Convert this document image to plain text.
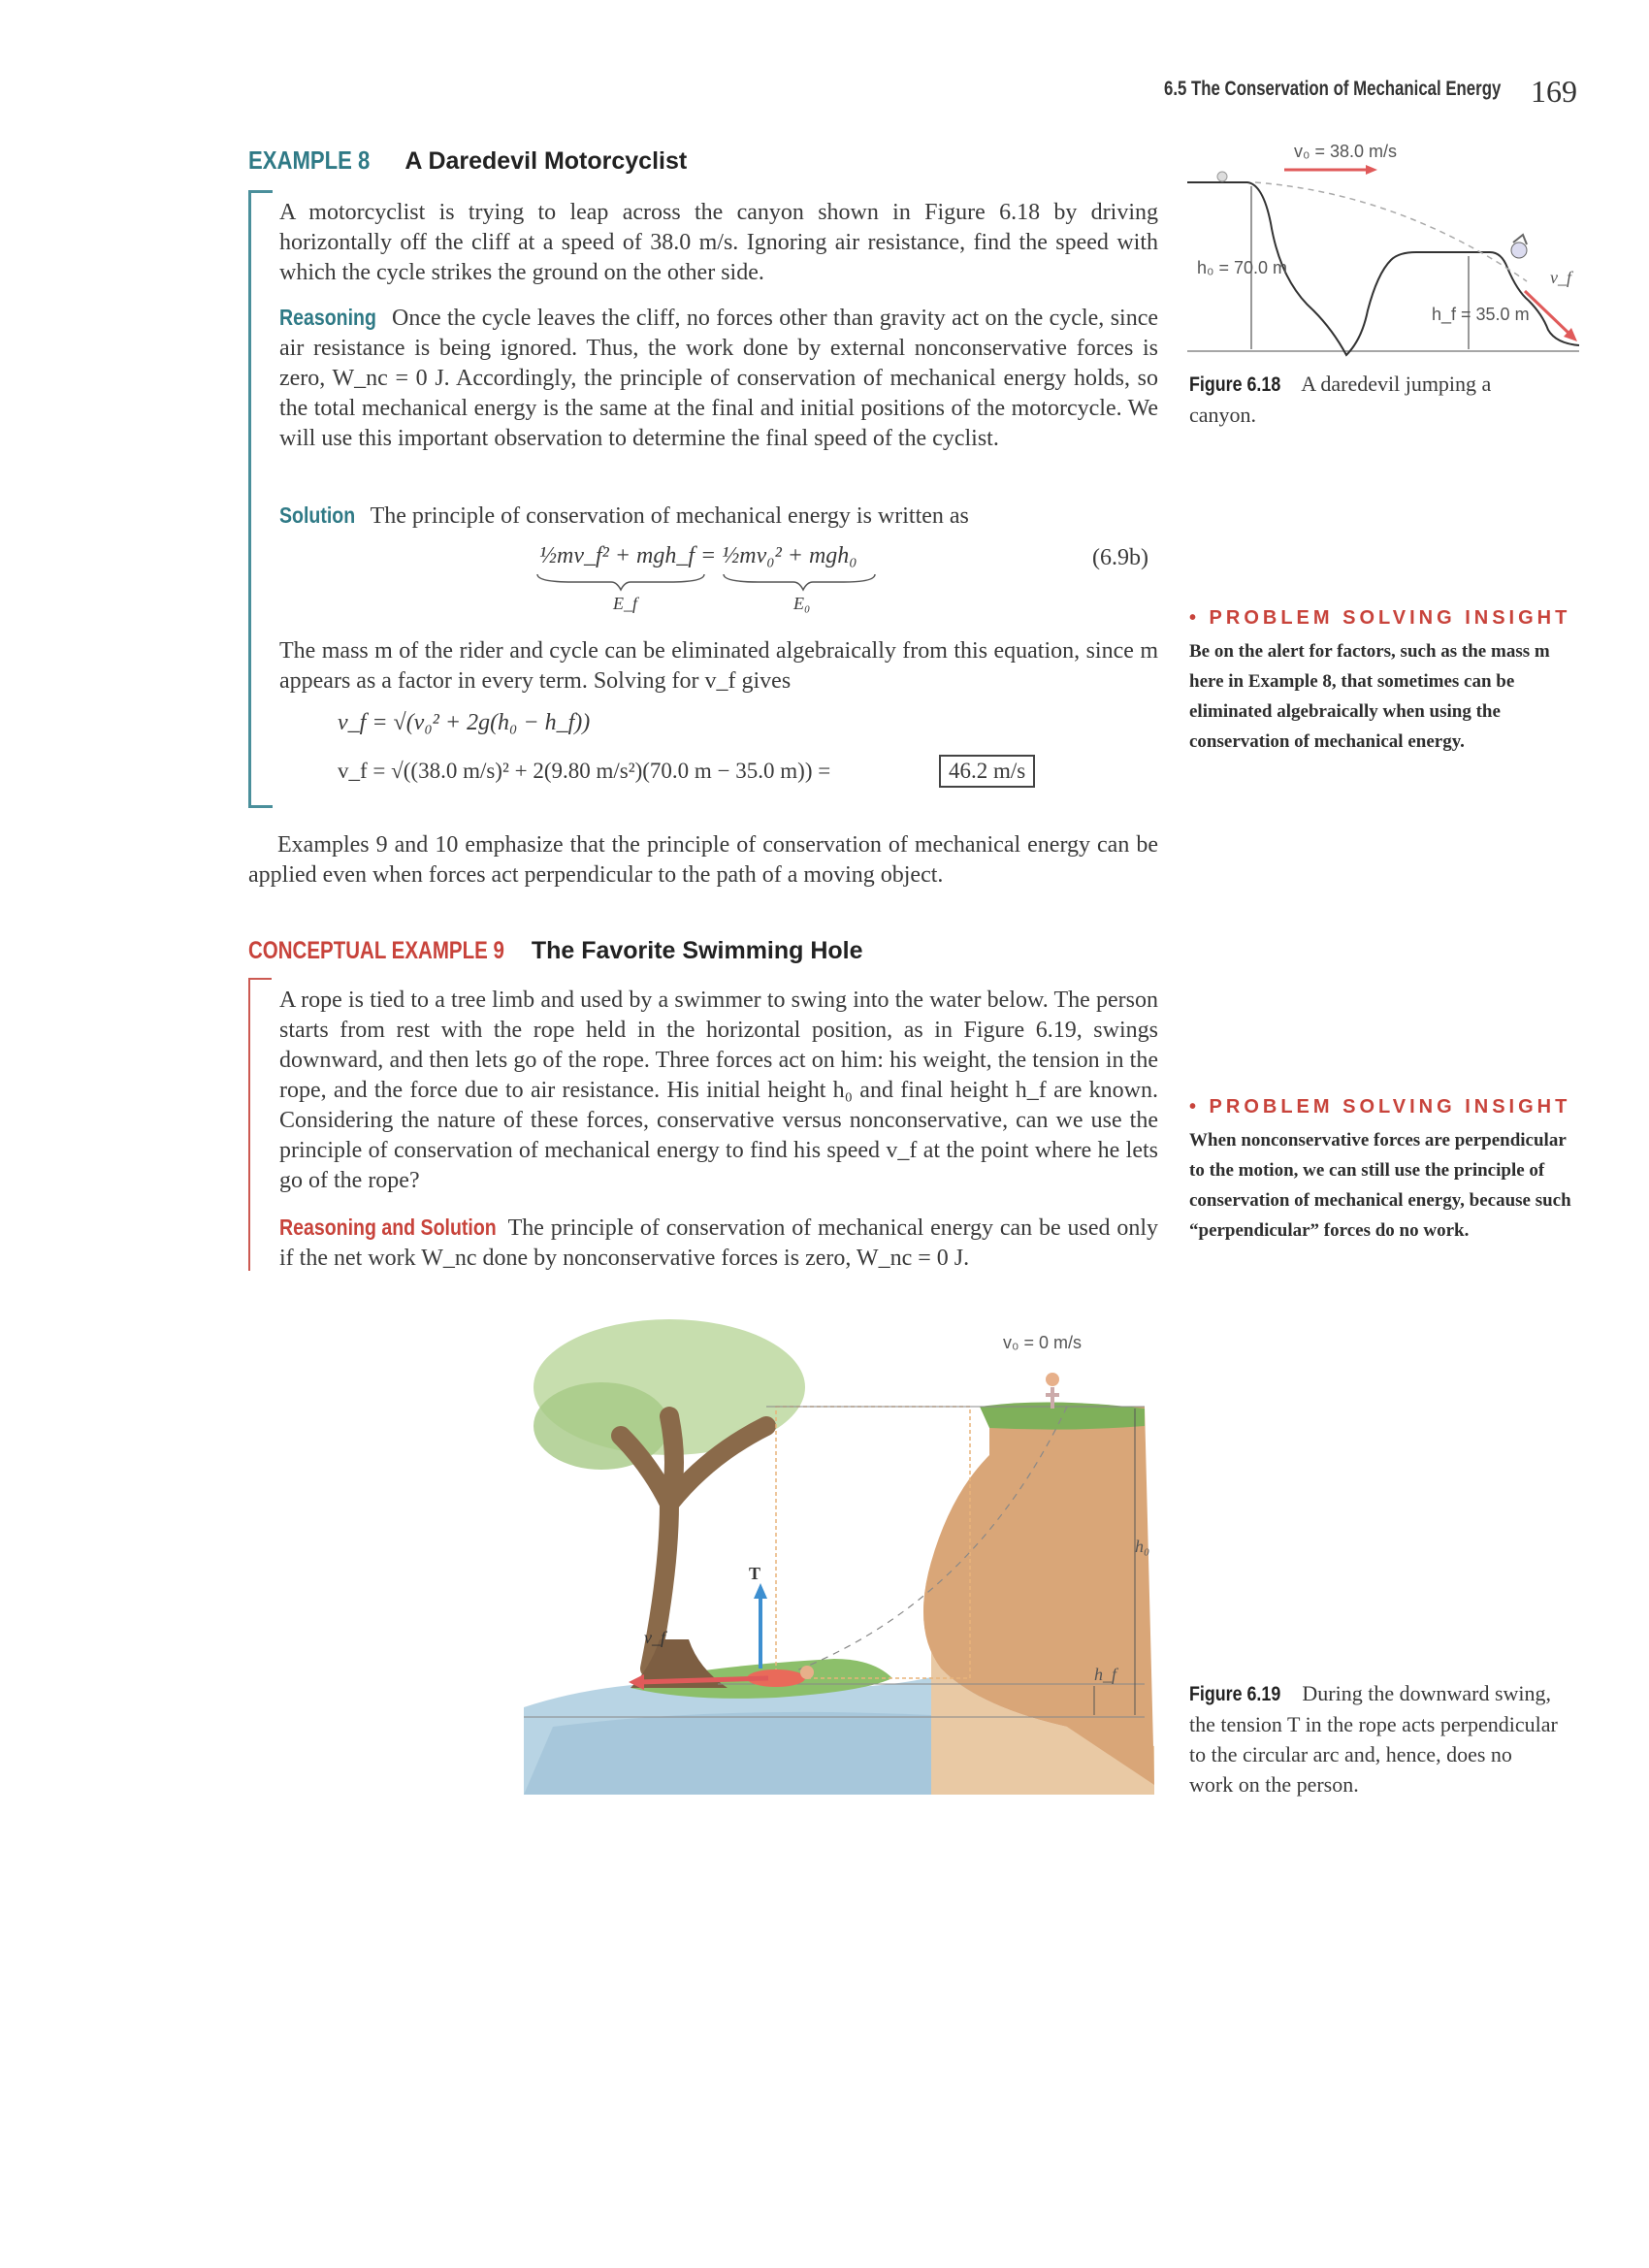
6.5 The Conservation of Mechanical Energy 169
EXAMPLE 8 A Daredevil Motorcyclist
A motorcyclist is trying to leap across the canyon shown in Figure 6.18 by driving horizontally off the cliff at a speed of 38.0 m/s. Ignoring air resistance, find the speed with which the cycle strikes the ground on the other side.
Reasoning Once the cycle leaves the cliff, no forces other than gravity act on the cycle, since air resistance is being ignored. Thus, the work done by external nonconservative forces is zero, W_nc = 0 J. Accordingly, the principle of conservation of mechanical energy holds, so the total mechanical energy is the same at the final and initial positions of the motorcycle. We will use this important observation to determine the final speed of the cyclist.
Solution The principle of conservation of mechanical energy is written as
½mv_f² + mgh_f = ½mv₀² + mgh₀
E_f	E₀
(6.9b)
The mass m of the rider and cycle can be eliminated algebraically from this equation, since m appears as a factor in every term. Solving for v_f gives
v_f = √(v₀² + 2g(h₀ − h_f))
v_f = √((38.0 m/s)² + 2(9.80 m/s²)(70.0 m − 35.0 m)) =	46.2 m/s
Examples 9 and 10 emphasize that the principle of conservation of mechanical energy can be applied even when forces act perpendicular to the path of a moving object.
CONCEPTUAL EXAMPLE 9 The Favorite Swimming Hole
A rope is tied to a tree limb and used by a swimmer to swing into the water below. The person starts from rest with the rope held in the horizontal position, as in Figure 6.19, swings downward, and then lets go of the rope. Three forces act on him: his weight, the tension in the rope, and the force due to air resistance. His initial height h₀ and final height h_f are known. Considering the nature of these forces, conservative versus nonconservative, can we use the principle of conservation of mechanical energy to find his speed v_f at the point where he lets go of the rope?
Reasoning and Solution The principle of conservation of mechanical energy can be used only if the net work W_nc done by nonconservative forces is zero, W_nc = 0 J.
v₀ = 38.0 m/s
h₀ = 70.0 m
h_f = 35.0 m
v_f
Figure 6.18 A daredevil jumping a canyon.
• PROBLEM SOLVING INSIGHT
Be on the alert for factors, such as the mass m here in Example 8, that sometimes can be eliminated algebraically when using the conservation of mechanical energy.
• PROBLEM SOLVING INSIGHT
When nonconservative forces are perpendicular to the motion, we can still use the principle of conservation of mechanical energy, because such “perpendicular” forces do no work.
v₀ = 0 m/s
h₀
h_f
T
v_f
Figure 6.19 During the downward swing, the tension T in the rope acts perpendicular to the circular arc and, hence, does no work on the person.
